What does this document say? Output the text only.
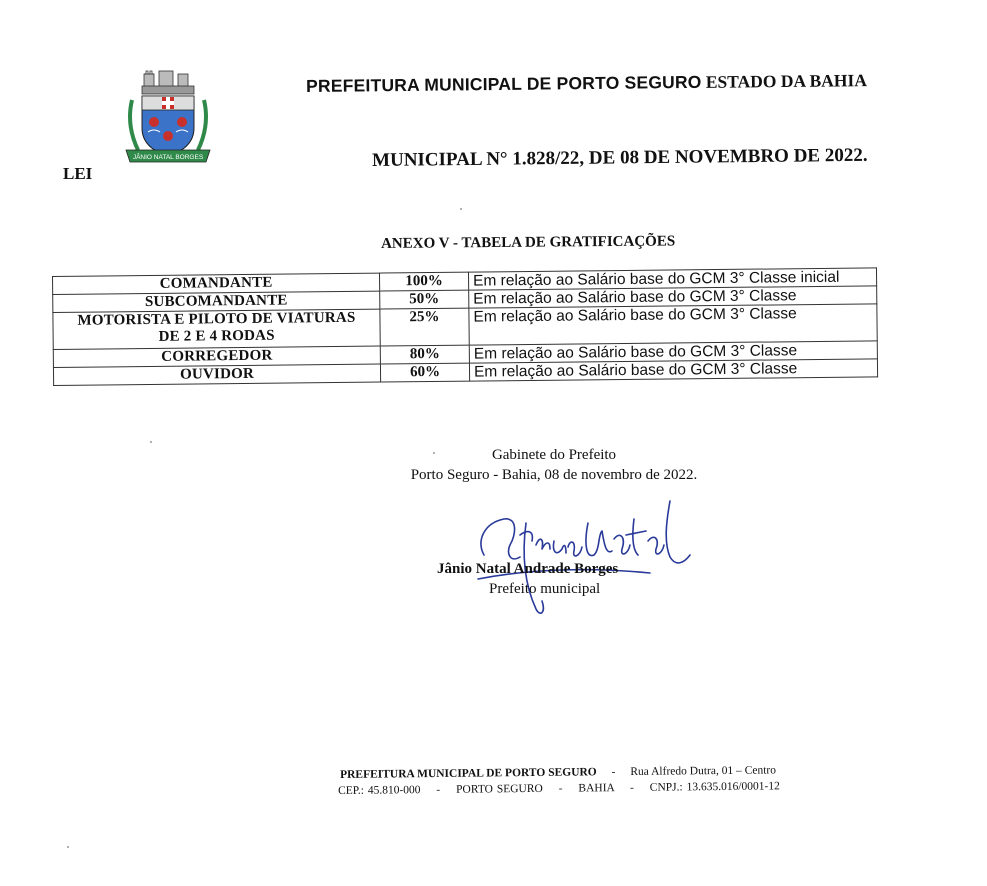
JÂNIO NATAL BORGES
PREFEITURA MUNICIPAL DE PORTO SEGURO ESTADO DA BAHIA
LEI
MUNICIPAL N° 1.828/22, DE 08 DE NOVEMBRO DE 2022.
ANEXO V - TABELA DE GRATIFICAÇÕES
COMANDANTE	100%	Em relação ao Salário base do GCM 3° Classe inicial
SUBCOMANDANTE	50%	Em relação ao Salário base do GCM 3° Classe
MOTORISTA E PILOTO DE VIATURAS
DE 2 E 4 RODAS	25%	Em relação ao Salário base do GCM 3° Classe
CORREGEDOR	80%	Em relação ao Salário base do GCM 3° Classe
OUVIDOR	60%	Em relação ao Salário base do GCM 3° Classe
Gabinete do Prefeito
Porto Seguro - Bahia, 08 de novembro de 2022.
Jânio Natal Andrade Borges
Prefeito municipal
PREFEITURA MUNICIPAL DE PORTO SEGURO - Rua Alfredo Dutra, 01 – Centro
CEP.: 45.810-000 - PORTO SEGURO - BAHIA - CNPJ.: 13.635.016/0001-12
